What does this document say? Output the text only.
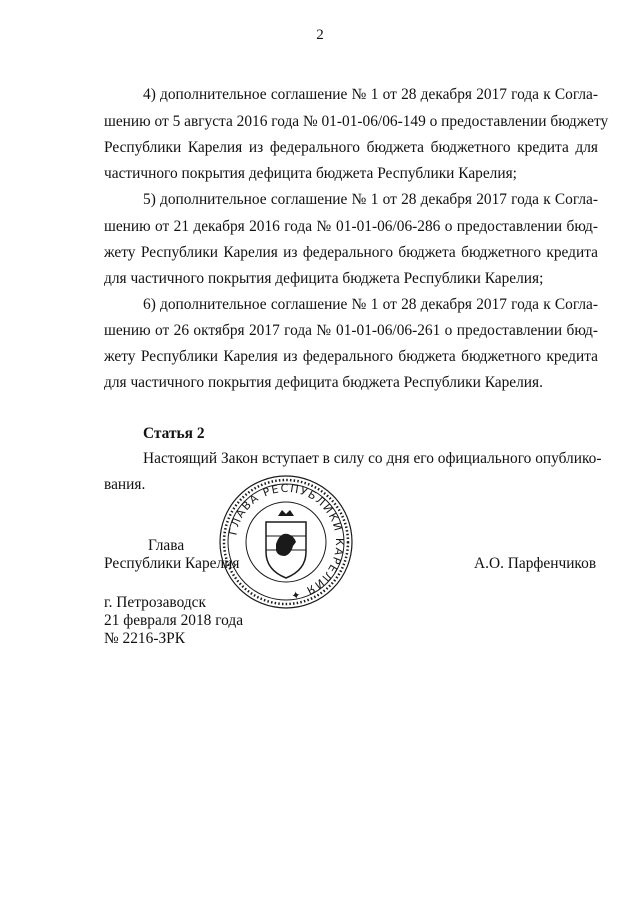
2
4) дополнительное соглашение № 1 от 28 декабря 2017 года к Согла-
шению от 5 августа 2016 года № 01-01-06/06-149 о предоставлении бюджету
Республики Карелия из федерального бюджета бюджетного кредита для
частичного покрытия дефицита бюджета Республики Карелия;
5) дополнительное соглашение № 1 от 28 декабря 2017 года к Согла-
шению от 21 декабря 2016 года № 01-01-06/06-286 о предоставлении бюд-
жету Республики Карелия из федерального бюджета бюджетного кредита
для частичного покрытия дефицита бюджета Республики Карелия;
6) дополнительное соглашение № 1 от 28 декабря 2017 года к Согла-
шению от 26 октября 2017 года № 01-01-06/06-261 о предоставлении бюд-
жету Республики Карелия из федерального бюджета бюджетного кредита
для частичного покрытия дефицита бюджета Республики Карелия.
Статья 2
Настоящий Закон вступает в силу со дня его официального опублико-
вания.
ГЛАВА РЕСПУБЛИКИ КАРЕЛИЯ ✦
Глава
Республики Карелия	А.О. Парфенчиков
г. Петрозаводск
21 февраля 2018 года
№ 2216-ЗРК
